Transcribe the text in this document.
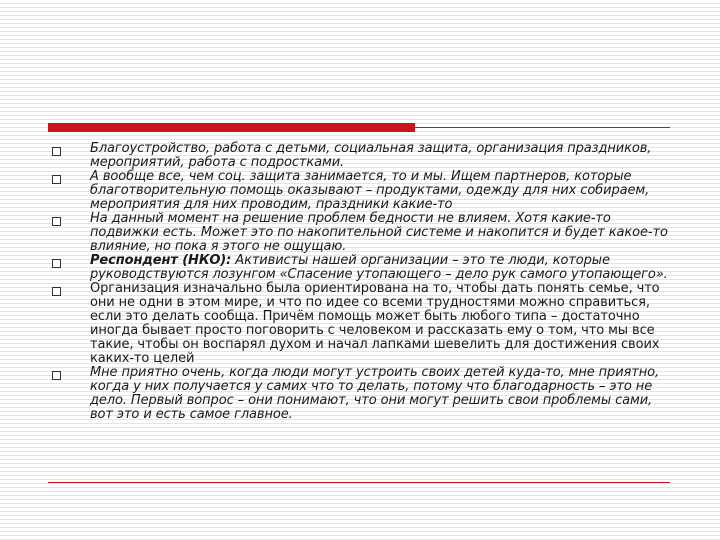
Благоустройство, работа с детьми, социальная защита, организация праздников, мероприятий, работа с подростками.
А вообще все, чем соц. защита занимается, то и мы. Ищем партнеров, которые благотворительную помощь оказывают – продуктами, одежду для них собираем, мероприятия для них проводим, праздники какие-то
На данный момент на решение проблем бедности не влияем. Хотя какие-то подвижки есть. Может это по накопительной системе и накопится и будет какое-то влияние, но пока я этого не ощущаю.
Респондент (НКО): Активисты нашей организации – это те люди, которые руководствуются лозунгом «Спасение утопающего – дело рук самого утопающего».
Организация изначально была ориентирована на то, чтобы дать понять семье, что они не одни в этом мире, и что по идее со всеми трудностями можно справиться, если это делать сообща. Причём помощь может быть любого типа – достаточно иногда бывает просто поговорить с человеком и рассказать ему о том, что мы все такие, чтобы он воспарял духом и начал лапками шевелить для достижения своих каких-то целей
Мне приятно очень, когда люди могут устроить своих детей куда-то, мне приятно, когда у них получается у самих что то делать, потому что благодарность – это не дело. Первый вопрос – они понимают, что они могут решить свои проблемы сами, вот это и есть самое главное.
